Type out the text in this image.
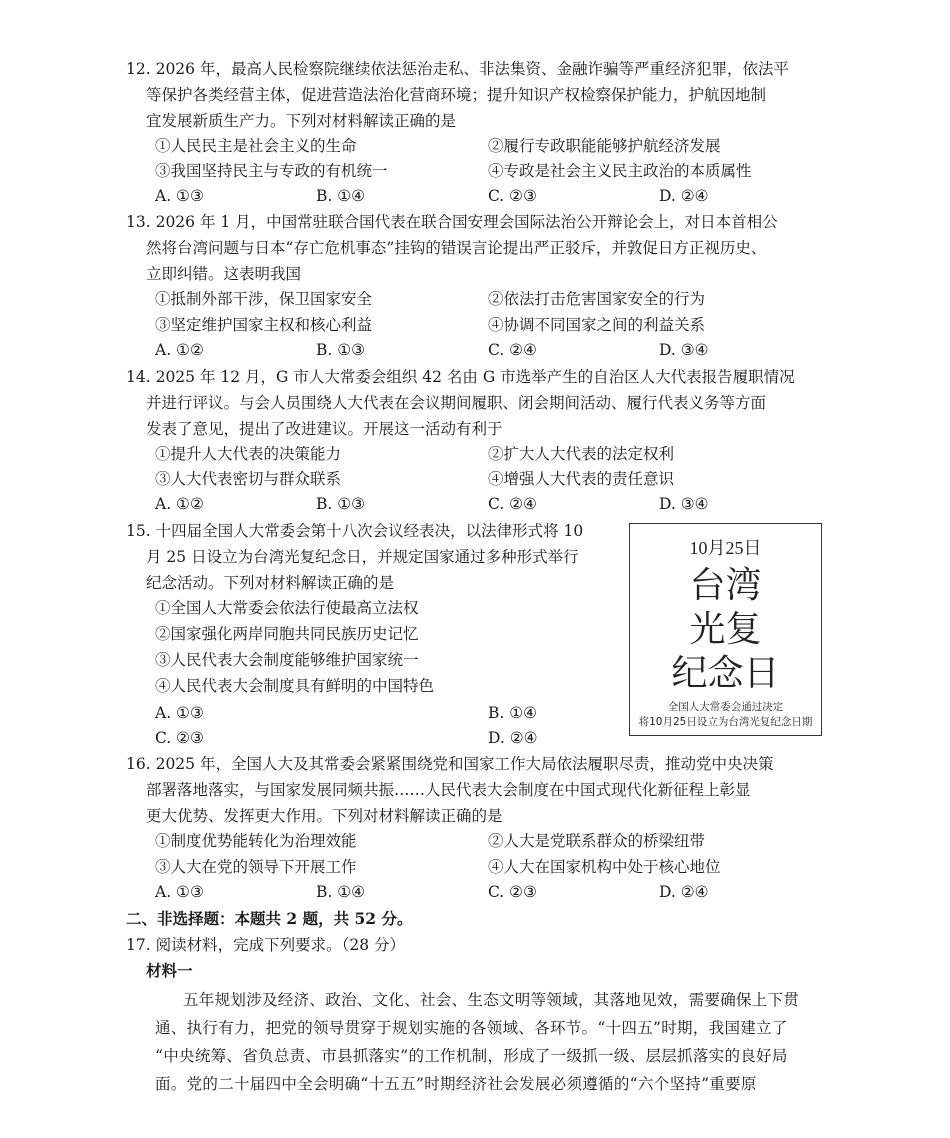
12. 2026 年，最高人民检察院继续依法惩治走私、非法集资、金融诈骗等严重经济犯罪，依法平
等保护各类经营主体，促进营造法治化营商环境；提升知识产权检察保护能力，护航因地制
宜发展新质生产力。下列对材料解读正确的是
①人民民主是社会主义的生命	②履行专政职能能够护航经济发展
③我国坚持民主与专政的有机统一	④专政是社会主义民主政治的本质属性
A. ①③	B. ①④	C. ②③	D. ②④
13. 2026 年 1 月，中国常驻联合国代表在联合国安理会国际法治公开辩论会上，对日本首相公
然将台湾问题与日本“存亡危机事态”挂钩的错误言论提出严正驳斥，并敦促日方正视历史、
立即纠错。这表明我国
①抵制外部干涉，保卫国家安全	②依法打击危害国家安全的行为
③坚定维护国家主权和核心利益	④协调不同国家之间的利益关系
A. ①②	B. ①③	C. ②④	D. ③④
14. 2025 年 12 月，G 市人大常委会组织 42 名由 G 市选举产生的自治区人大代表报告履职情况
并进行评议。与会人员围绕人大代表在会议期间履职、闭会期间活动、履行代表义务等方面
发表了意见，提出了改进建议。开展这一活动有利于
①提升人大代表的决策能力	②扩大人大代表的法定权利
③人大代表密切与群众联系	④增强人大代表的责任意识
A. ①②	B. ①③	C. ②④	D. ③④
15. 十四届全国人大常委会第十八次会议经表决，以法律形式将 10
月 25 日设立为台湾光复纪念日，并规定国家通过多种形式举行
纪念活动。下列对材料解读正确的是
①全国人大常委会依法行使最高立法权
②国家强化两岸同胞共同民族历史记忆
③人民代表大会制度能够维护国家统一
④人民代表大会制度具有鲜明的中国特色
A. ①③	B. ①④
C. ②③	D. ②④
10月25日
台湾
光复
纪念日
全国人大常委会通过决定
将10月25日设立为台湾光复纪念日期
16. 2025 年，全国人大及其常委会紧紧围绕党和国家工作大局依法履职尽责，推动党中央决策
部署落地落实，与国家发展同频共振……人民代表大会制度在中国式现代化新征程上彰显
更大优势、发挥更大作用。下列对材料解读正确的是
①制度优势能转化为治理效能	②人大是党联系群众的桥梁纽带
③人大在党的领导下开展工作	④人大在国家机构中处于核心地位
A. ①③	B. ①④	C. ②③	D. ②④
二、非选择题：本题共 2 题，共 52 分。
17. 阅读材料，完成下列要求。（28 分）
材料一
五年规划涉及经济、政治、文化、社会、生态文明等领域，其落地见效，需要确保上下贯
通、执行有力，把党的领导贯穿于规划实施的各领域、各环节。“十四五”时期，我国建立了
“中央统筹、省负总责、市县抓落实”的工作机制，形成了一级抓一级、层层抓落实的良好局
面。党的二十届四中全会明确“十五五”时期经济社会发展必须遵循的“六个坚持”重要原
